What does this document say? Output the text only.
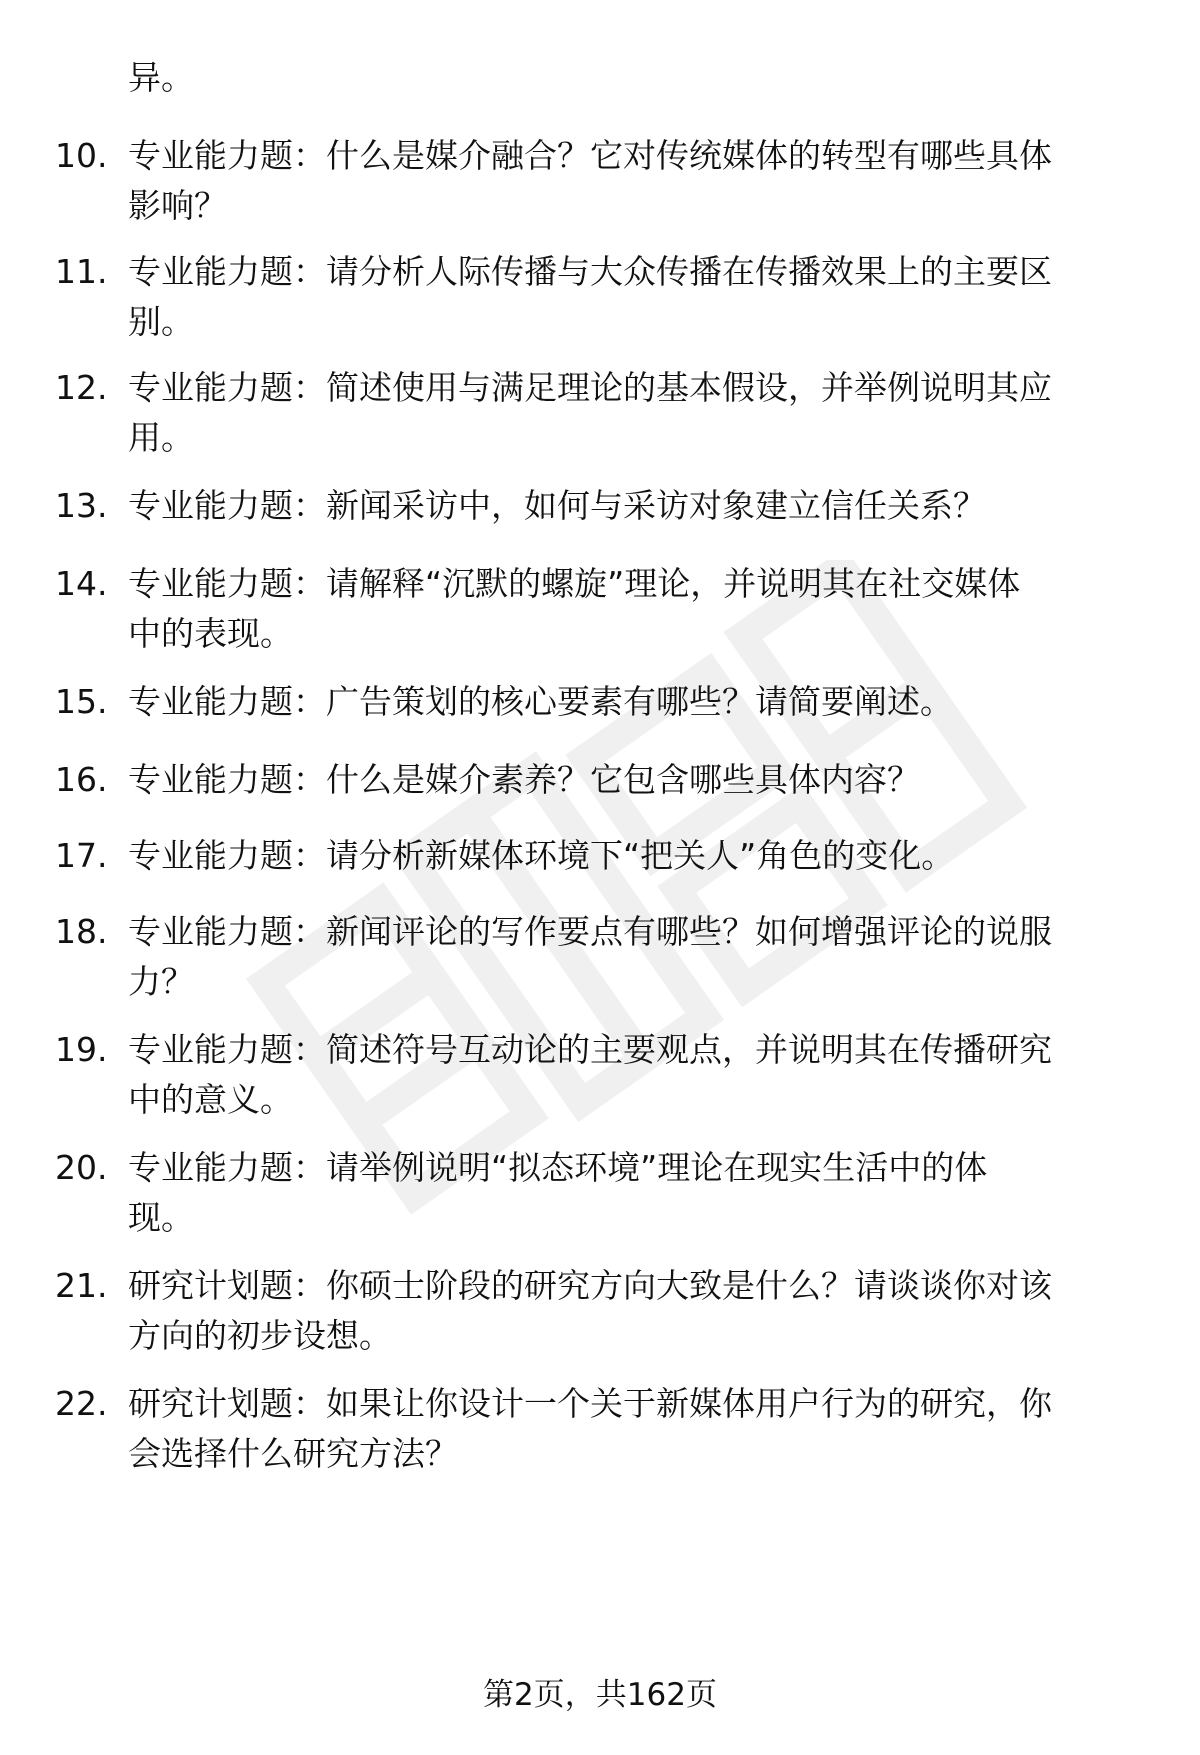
异。
10. 专业能力题：什么是媒介融合？它对传统媒体的转型有哪些具体
影响？
11. 专业能力题：请分析人际传播与大众传播在传播效果上的主要区
别。
12. 专业能力题：简述使用与满足理论的基本假设，并举例说明其应
用。
13. 专业能力题：新闻采访中，如何与采访对象建立信任关系？
14. 专业能力题：请解释“沉默的螺旋”理论，并说明其在社交媒体
中的表现。
15. 专业能力题：广告策划的核心要素有哪些？请简要阐述。
16. 专业能力题：什么是媒介素养？它包含哪些具体内容？
17. 专业能力题：请分析新媒体环境下“把关人”角色的变化。
18. 专业能力题：新闻评论的写作要点有哪些？如何增强评论的说服
力？
19. 专业能力题：简述符号互动论的主要观点，并说明其在传播研究
中的意义。
20. 专业能力题：请举例说明“拟态环境”理论在现实生活中的体
现。
21. 研究计划题：你硕士阶段的研究方向大致是什么？请谈谈你对该
方向的初步设想。
22. 研究计划题：如果让你设计一个关于新媒体用户行为的研究，你
会选择什么研究方法？
第2页，共162页
